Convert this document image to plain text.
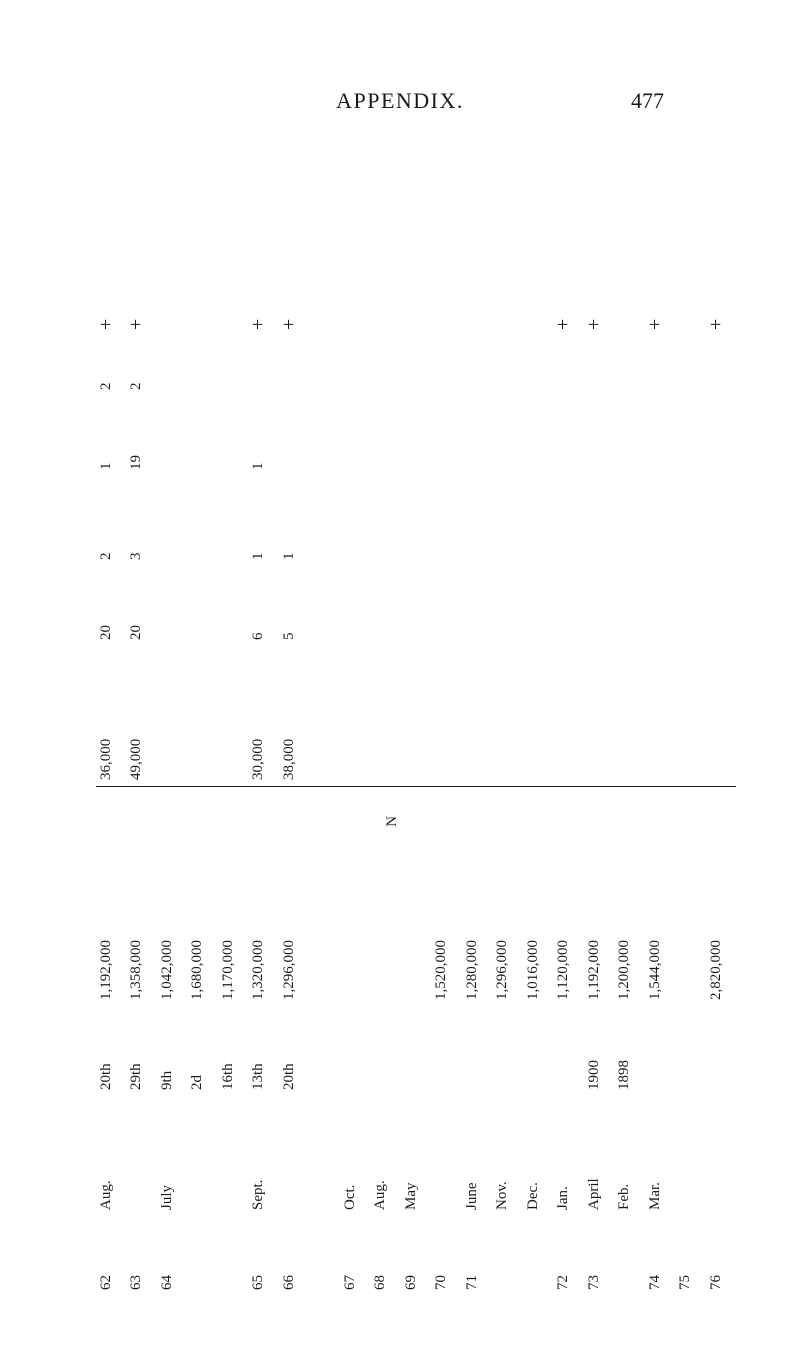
APPENDIX.	477
62
Aug.
20th
1,192,000
36,000
20
2
1
2
+
63
29th
1,358,000
49,000
20
3
19
2
+
64
July
9th
1,042,000
2d
1,680,000
16th
1,170,000
65
Sept.
13th
1,320,000
30,000
6
1
1
+
66
20th
1,296,000
38,000
5
1
+
67
Oct.
68
Aug.
69
May
70
1,520,000
71
June
1,280,000
Nov.
1,296,000
Dec.
1,016,000
72
Jan.
1,120,000
+
73
April
1900
1,192,000
+
Feb.
1898
1,200,000
74
Mar.
1,544,000
+
75 76
2,820,000
+
N
